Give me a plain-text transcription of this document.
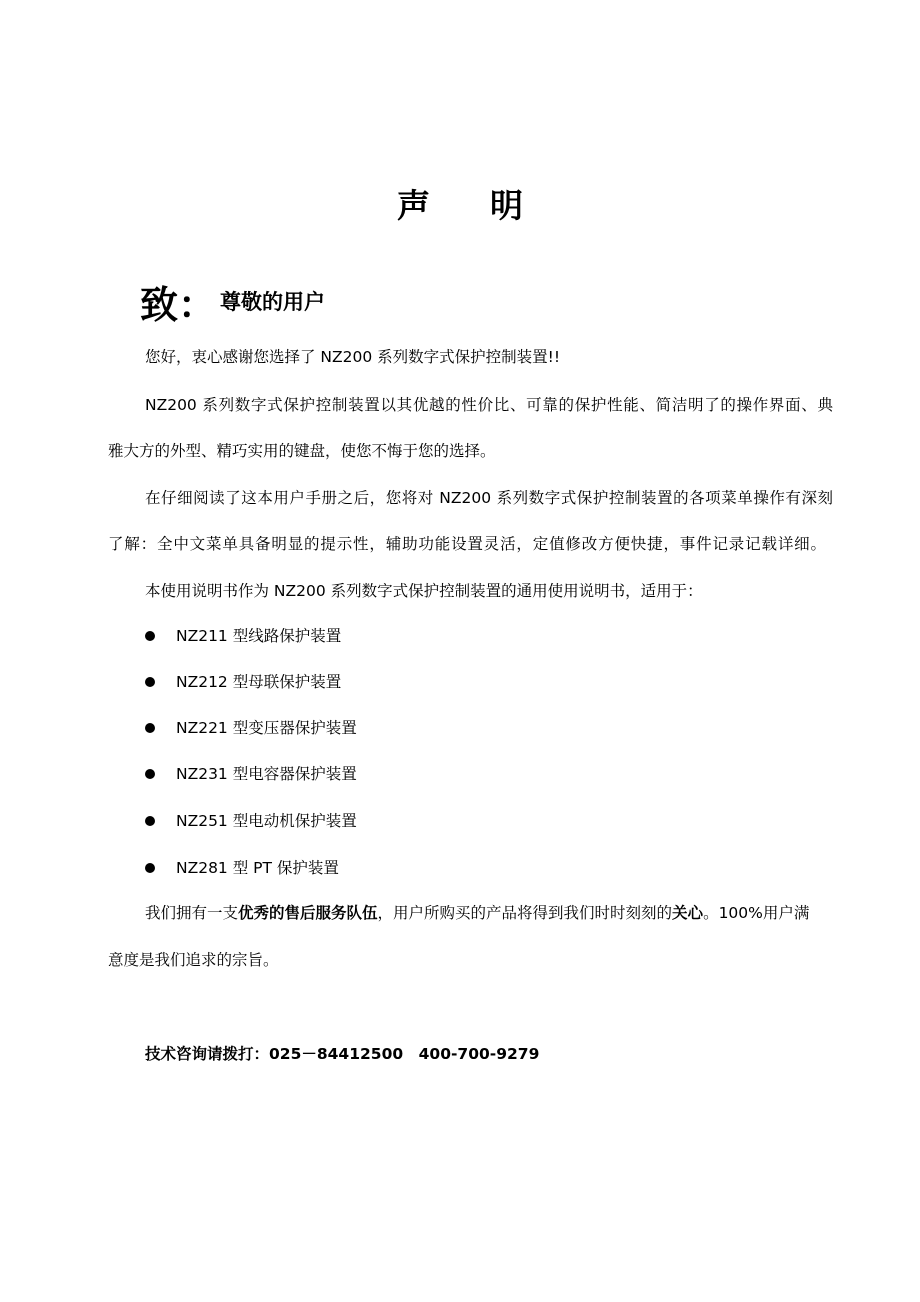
声明
致： 尊敬的用户
您好，衷心感谢您选择了 NZ200 系列数字式保护控制装置!!
NZ200 系列数字式保护控制装置以其优越的性价比、可靠的保护性能、简洁明了的操作界面、典
雅大方的外型、精巧实用的键盘，使您不悔于您的选择。
在仔细阅读了这本用户手册之后，您将对 NZ200 系列数字式保护控制装置的各项菜单操作有深刻
了解：全中文菜单具备明显的提示性，辅助功能设置灵活，定值修改方便快捷，事件记录记载详细。
本使用说明书作为 NZ200 系列数字式保护控制装置的通用使用说明书，适用于：
NZ211 型线路保护装置
NZ212 型母联保护装置
NZ221 型变压器保护装置
NZ231 型电容器保护装置
NZ251 型电动机保护装置
NZ281 型 PT 保护装置
我们拥有一支优秀的售后服务队伍，用户所购买的产品将得到我们时时刻刻的关心。100%用户满
意度是我们追求的宗旨。
技术咨询请拨打：025－84412500　400-700-9279
